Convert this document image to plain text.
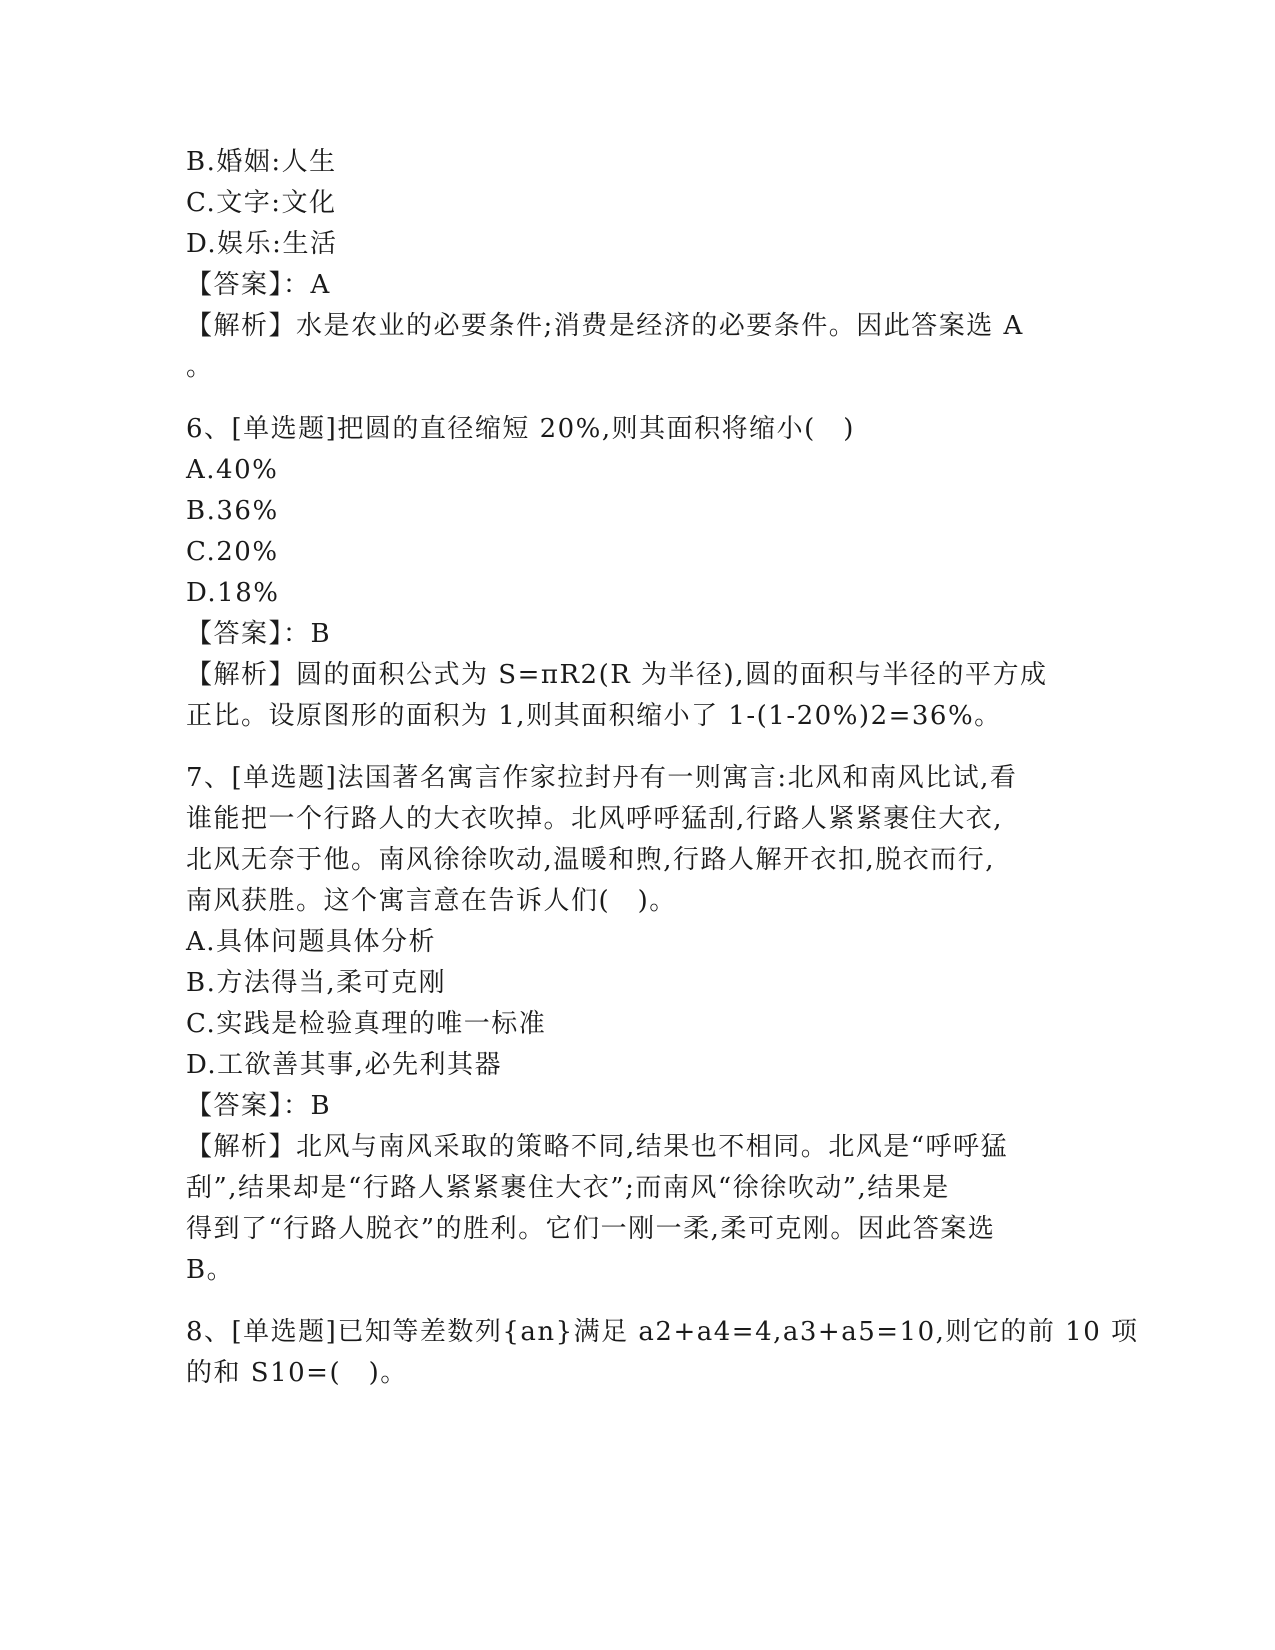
B.婚姻:人生

C.文字:文化

D.娱乐:生活

【答案】：A

【解析】水是农业的必要条件;消费是经济的必要条件。因此答案选 A

。

6、[单选题]把圆的直径缩短 20%,则其面积将缩小(　)

A.40%

B.36%

C.20%

D.18%

【答案】：B

【解析】圆的面积公式为 S=πR2(R 为半径),圆的面积与半径的平方成

正比。设原图形的面积为 1,则其面积缩小了 1-(1-20%)2=36%。

7、[单选题]法国著名寓言作家拉封丹有一则寓言:北风和南风比试,看

谁能把一个行路人的大衣吹掉。北风呼呼猛刮,行路人紧紧裹住大衣,

北风无奈于他。南风徐徐吹动,温暖和煦,行路人解开衣扣,脱衣而行,

南风获胜。这个寓言意在告诉人们(　)。

A.具体问题具体分析

B.方法得当,柔可克刚

C.实践是检验真理的唯一标准

D.工欲善其事,必先利其器

【答案】：B

【解析】北风与南风采取的策略不同,结果也不相同。北风是“呼呼猛

刮”,结果却是“行路人紧紧裹住大衣”;而南风“徐徐吹动”,结果是

得到了“行路人脱衣”的胜利。它们一刚一柔,柔可克刚。因此答案选

B。

8、[单选题]已知等差数列{an}满足 a2+a4=4,a3+a5=10,则它的前 10 项

的和 S10=(　)。
